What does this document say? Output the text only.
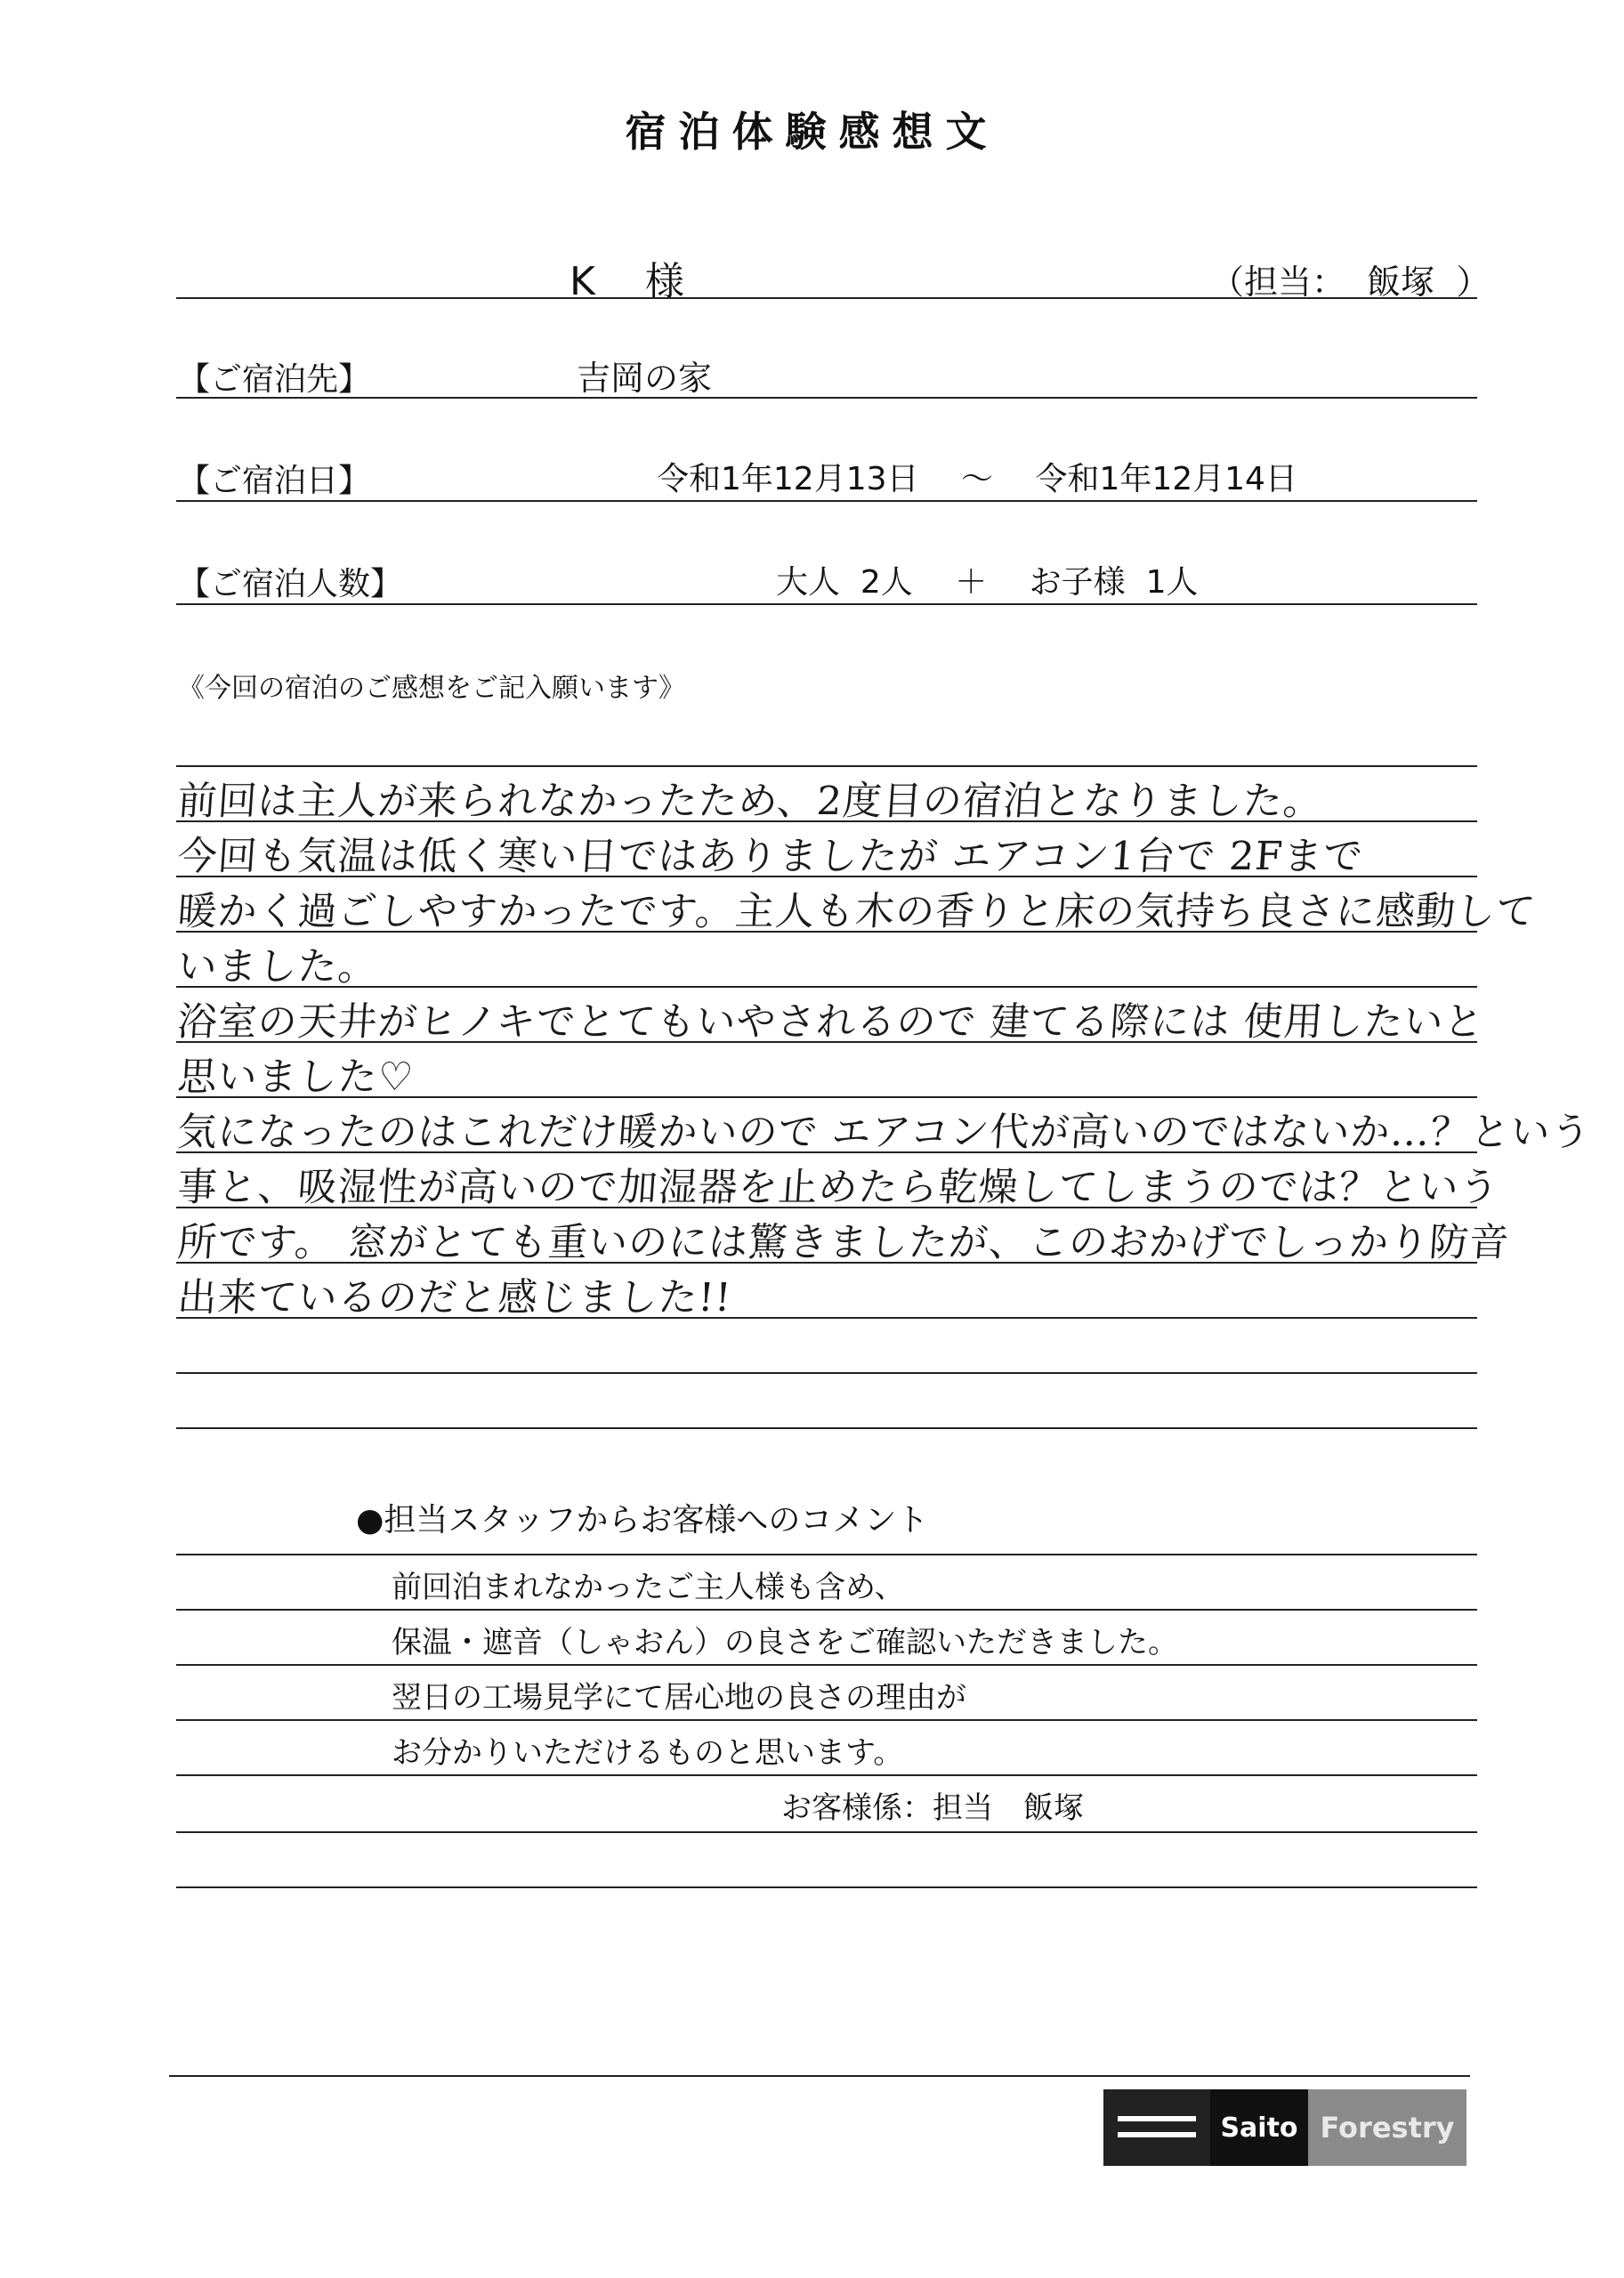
宿泊体験感想文
K　様	（担当：  飯塚  ）
【ご宿泊先】	吉岡の家
【ご宿泊日】	令和1年12月13日　 ～　 令和1年12月14日
【ご宿泊人数】	大人  2人　 ＋　 お子様  1人
《今回の宿泊のご感想をご記入願います》
前回は主人が来られなかったため、2度目の宿泊となりました。
今回も気温は低く寒い日ではありましたが エアコン1台で 2Fまで
暖かく過ごしやすかったです。主人も木の香りと床の気持ち良さに感動して
いました。
浴室の天井がヒノキでとてもいやされるので 建てる際には 使用したいと
思いました♡
気になったのはこれだけ暖かいので エアコン代が高いのではないか…？という
事と、吸湿性が高いので加湿器を止めたら乾燥してしまうのでは？という
所です。 窓がとても重いのには驚きましたが、このおかげでしっかり防音
出来ているのだと感じました!!
●担当スタッフからお客様へのコメント
前回泊まれなかったご主人様も含め、
保温・遮音（しゃおん）の良さをご確認いただきました。
翌日の工場見学にて居心地の良さの理由が
お分かりいただけるものと思います。
お客様係：担当　飯塚
Saito Forestry
